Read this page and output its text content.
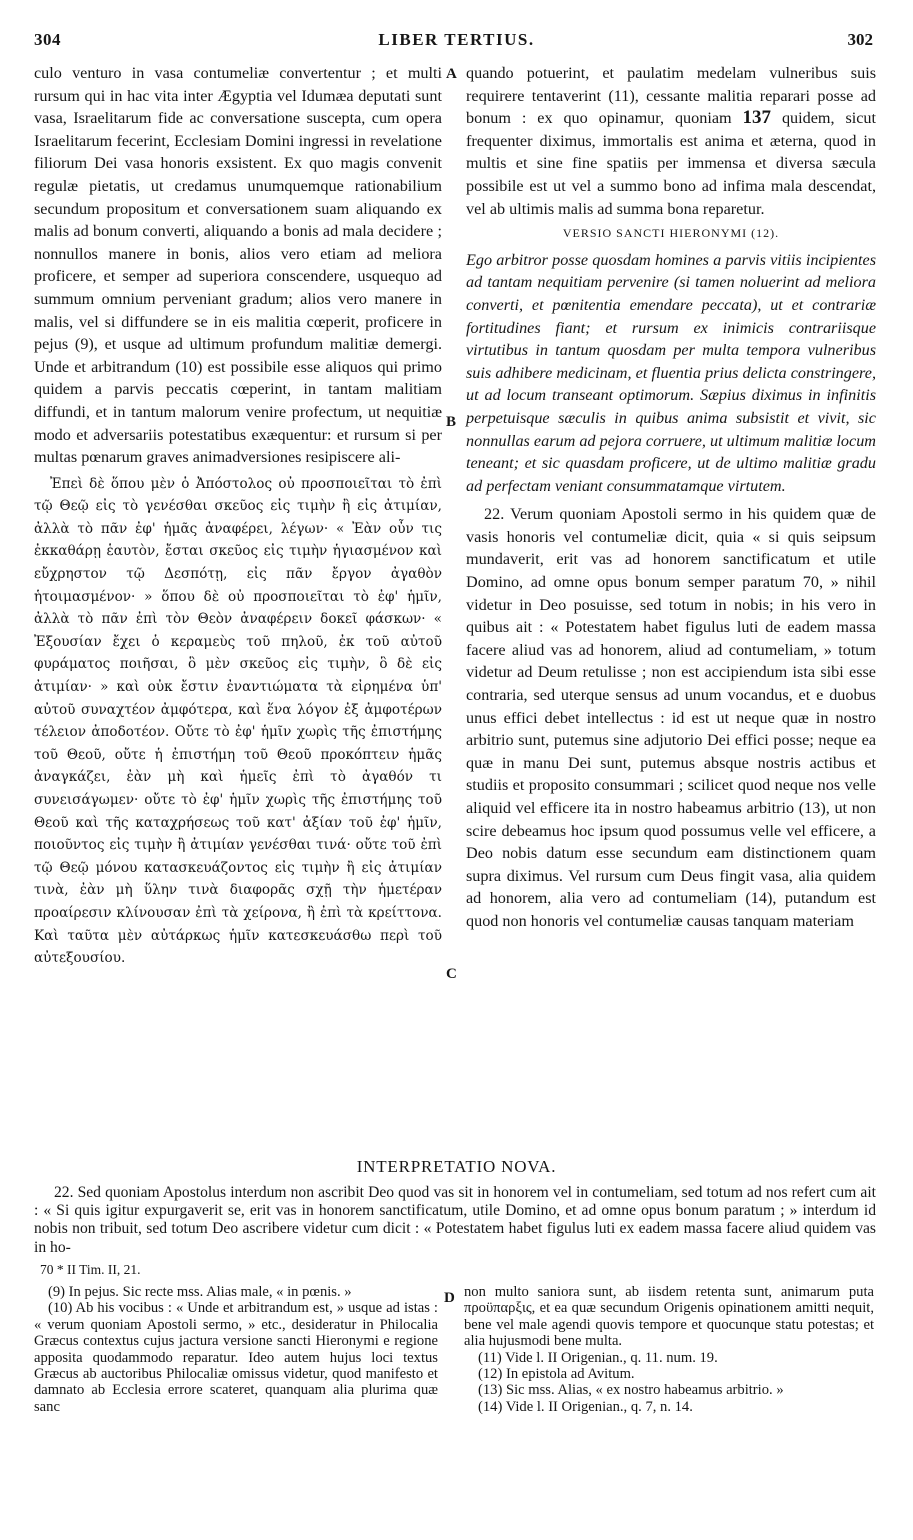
304	LIBER TERTIUS.	302
A
B
C
D

culo venturo in vasa contumeliæ convertentur ; et multi rursum qui in hac vita inter Ægyptia vel Idumæa deputati sunt vasa, Israelitarum fide ac conversatione suscepta, cum opera Israelitarum fecerint, Ecclesiam Domini ingressi in revelatione filiorum Dei vasa honoris exsistent. Ex quo magis convenit regulæ pietatis, ut credamus unumquemque rationabilium secundum propositum et conversationem suam aliquando ex malis ad bonum converti, aliquando a bonis ad mala decidere ; nonnullos manere in bonis, alios vero etiam ad meliora proficere, et semper ad superiora conscendere, usquequo ad summum omnium perveniant gradum; alios vero manere in malis, vel si diffundere se in eis malitia cœperit, proficere in pejus (9), et usque ad ultimum profundum malitiæ demergi. Unde et arbitrandum (10) est possibile esse aliquos qui primo quidem a parvis peccatis cœperint, in tantam malitiam diffundi, et in tantum malorum venire profectum, ut nequitiæ modo et adversariis potestatibus exæquentur: et rursum si per multas pœnarum graves animadversiones resipiscere ali-

Ἐπεὶ δὲ ὅπου μὲν ὁ Ἀπόστολος οὐ προσποιεῖται τὸ ἐπὶ τῷ Θεῷ εἰς τὸ γενέσθαι σκεῦος εἰς τιμὴν ἢ εἰς ἀτιμίαν, ἀλλὰ τὸ πᾶν ἐφ' ἡμᾶς ἀναφέρει, λέγων· « Ἐὰν οὖν τις ἐκκαθάρῃ ἑαυτὸν, ἔσται σκεῦος εἰς τιμὴν ἡγιασμένον καὶ εὔχρηστον τῷ Δεσπότῃ, εἰς πᾶν ἔργον ἀγαθὸν ἡτοιμασμένον· » ὅπου δὲ οὐ προσποιεῖται τὸ ἐφ' ἡμῖν, ἀλλὰ τὸ πᾶν ἐπὶ τὸν Θεὸν ἀναφέρειν δοκεῖ φάσκων· « Ἐξουσίαν ἔχει ὁ κεραμεὺς τοῦ πηλοῦ, ἐκ τοῦ αὐτοῦ φυράματος ποιῆσαι, ὃ μὲν σκεῦος εἰς τιμὴν, ὃ δὲ εἰς ἀτιμίαν· » καὶ οὐκ ἔστιν ἐναντιώματα τὰ εἰρημένα ὑπ' αὐτοῦ συναχτέον ἀμφότερα, καὶ ἕνα λόγον ἐξ ἀμφοτέρων τέλειον ἀποδοτέον. Οὔτε τὸ ἐφ' ἡμῖν χωρὶς τῆς ἐπιστήμης τοῦ Θεοῦ, οὔτε ἡ ἐπιστήμη τοῦ Θεοῦ προκόπτειν ἡμᾶς ἀναγκάζει, ἐὰν μὴ καὶ ἡμεῖς ἐπὶ τὸ ἀγαθόν τι συνεισάγωμεν· οὔτε τὸ ἐφ' ἡμῖν χωρὶς τῆς ἐπιστήμης τοῦ Θεοῦ καὶ τῆς καταχρήσεως τοῦ κατ' ἀξίαν τοῦ ἐφ' ἡμῖν, ποιοῦντος εἰς τιμὴν ἢ ἀτιμίαν γενέσθαι τινά· οὔτε τοῦ ἐπὶ τῷ Θεῷ μόνου κατασκευάζοντος εἰς τιμὴν ἢ εἰς ἀτιμίαν τινὰ, ἐὰν μὴ ὕλην τινὰ διαφορᾶς σχῇ τὴν ἡμετέραν προαίρεσιν κλίνουσαν ἐπὶ τὰ χείρονα, ἢ ἐπὶ τὰ κρείττονα. Καὶ ταῦτα μὲν αὐτάρκως ἡμῖν κατεσκευάσθω περὶ τοῦ αὐτεξουσίου.

quando potuerint, et paulatim medelam vulneribus suis requirere tentaverint (11), cessante malitia reparari posse ad bonum : ex quo opinamur, quoniam 137 quidem, sicut frequenter diximus, immortalis est anima et æterna, quod in multis et sine fine spatiis per immensa et diversa sæcula possibile est ut vel a summo bono ad infima mala descendat, vel ab ultimis malis ad summa bona reparetur.

VERSIO SANCTI HIERONYMI (12).

Ego arbitror posse quosdam homines a parvis vitiis incipientes ad tantam nequitiam pervenire (si tamen noluerint ad meliora converti, et pœnitentia emendare peccata), ut et contrariæ fortitudines fiant; et rursum ex inimicis contrariisque virtutibus in tantum quosdam per multa tempora vulneribus suis adhibere medicinam, et fluentia prius delicta constringere, ut ad locum transeant optimorum. Sæpius diximus in infinitis perpetuisque sæculis in quibus anima subsistit et vivit, sic nonnullas earum ad pejora corruere, ut ultimum malitiæ locum teneant; et sic quasdam proficere, ut de ultimo malitiæ gradu ad perfectam veniant consummatamque virtutem.

22. Verum quoniam Apostoli sermo in his quidem quæ de vasis honoris vel contumeliæ dicit, quia « si quis seipsum mundaverit, erit vas ad honorem sanctificatum et utile Domino, ad omne opus bonum semper paratum 70, » nihil videtur in Deo posuisse, sed totum in nobis; in his vero in quibus ait : « Potestatem habet figulus luti de eadem massa facere aliud vas ad honorem, aliud ad contumeliam, » totum videtur ad Deum retulisse ; non est accipiendum ista sibi esse contraria, sed uterque sensus ad unum vocandus, et e duobus unus effici debet intellectus : id est ut neque quæ in nostro arbitrio sunt, putemus sine adjutorio Dei effici posse; neque ea quæ in manu Dei sunt, putemus absque nostris actibus et studiis et proposito consummari ; scilicet quod neque nos velle aliquid vel efficere ita in nostro habeamus arbitrio (13), ut non scire debeamus hoc ipsum quod possumus velle vel efficere, a Deo nobis datum esse secundum eam distinctionem quam supra diximus. Vel rursum cum Deus fingit vasa, alia quidem ad honorem, alia vero ad contumeliam (14), putandum est quod non honoris vel contumeliæ causas tanquam materiam

INTERPRETATIO NOVA.

22. Sed quoniam Apostolus interdum non ascribit Deo quod vas sit in honorem vel in contumeliam, sed totum ad nos refert cum ait : « Si quis igitur expurgaverit se, erit vas in honorem sanctificatum, utile Domino, et ad omne opus bonum paratum ; » interdum id nobis non tribuit, sed totum Deo ascribere videtur cum dicit : « Potestatem habet figulus luti ex eadem massa facere aliud quidem vas in ho-

70 * II Tim. II, 21.

(9) In pejus. Sic recte mss. Alias male, « in pœnis. »

(10) Ab his vocibus : « Unde et arbitrandum est, » usque ad istas : « verum quoniam Apostoli sermo, » etc., desideratur in Philocalia Græcus contextus cujus jactura versione sancti Hieronymi e regione apposita quodammodo reparatur. Ideo autem hujus loci textus Græcus ab auctoribus Philocaliæ omissus videtur, quod manifesto et damnato ab Ecclesia errore scateret, quanquam alia plurima quæ sanc

non multo saniora sunt, ab iisdem retenta sunt, animarum puta προϋπαρξις, et ea quæ secundum Origenis opinationem amitti nequit, bene vel male agendi quovis tempore et quocunque statu potestas; et alia hujusmodi bene multa.

(11) Vide l. II Origenian., q. 11. num. 19.

(12) In epistola ad Avitum.

(13) Sic mss. Alias, « ex nostro habeamus arbitrio. »

(14) Vide l. II Origenian., q. 7, n. 14.
